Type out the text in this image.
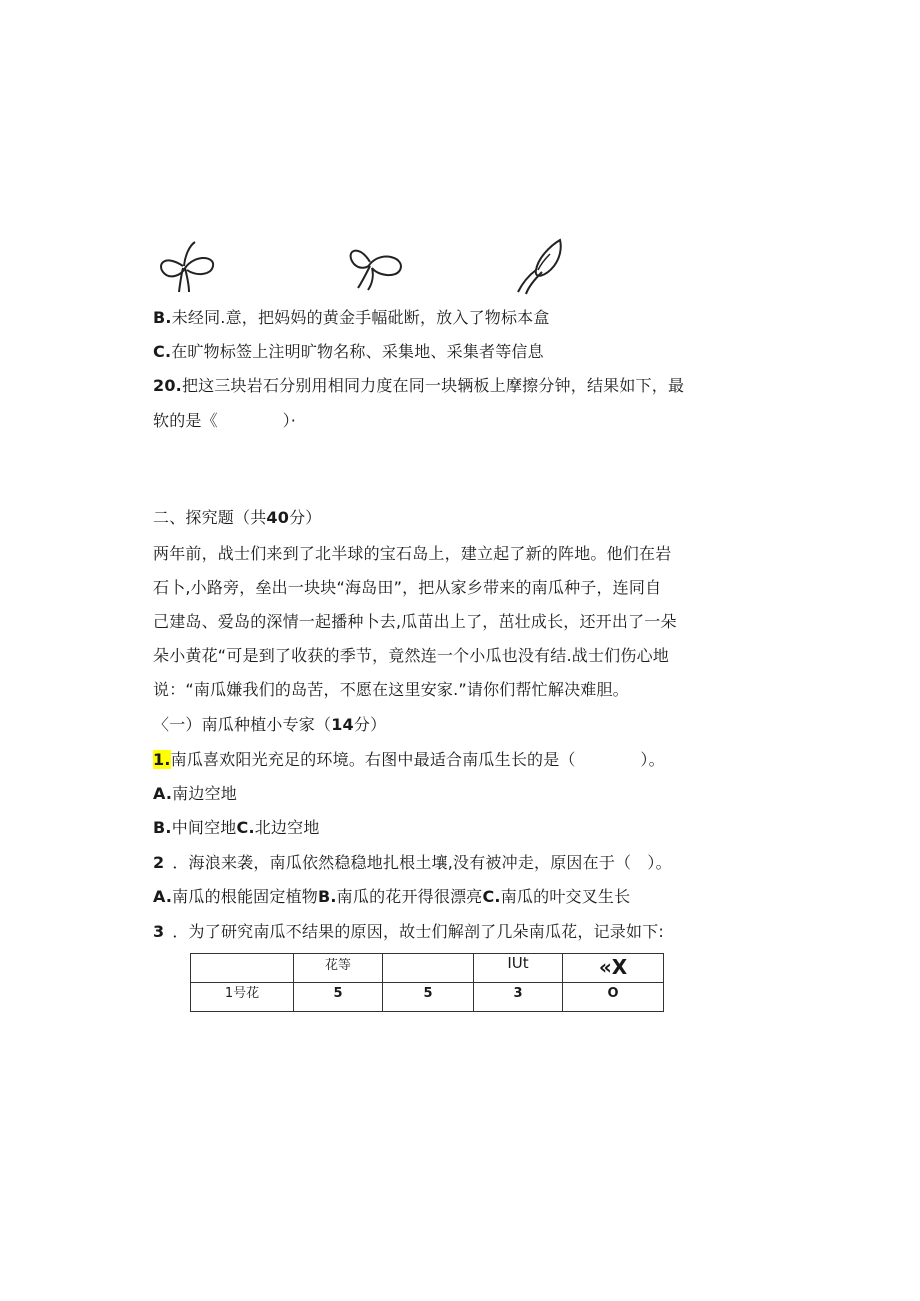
B.未经同.意，把妈妈的黄金手幅砒断，放入了物标本盒
C.在旷物标签上注明旷物名称、采集地、采集者等信息
20.把这三块岩石分别用相同力度在同一块辆板上摩擦分钟，结果如下，最
软的是《　　　　）·
二、探究题（共40分）
两年前，战士们来到了北半球的宝石岛上，建立起了新的阵地。他们在岩
石卜,小路旁，垒出一块块“海岛田”，把从家乡带来的南瓜种子，连同自
己建岛、爱岛的深情一起播种卜去,瓜苗出上了，茁壮成长，还开出了一朵
朵小黄花“可是到了收获的季节，竟然连一个小瓜也没有结.战士们伤心地
说：“南瓜嫌我们的岛苦，不愿在这里安家.”请你们帮忙解决难胆。
〈一）南瓜种植小专家（14分）
1.南瓜喜欢阳光充足的环境。右图中最适合南瓜生长的是（　　　　）。
A.南边空地
B.中间空地C.北边空地
2 ．海浪来袭，南瓜依然稳稳地扎根土壤,没有被冲走，原因在于（　）。
A.南瓜的根能固定植物B.南瓜的花开得很漂亮C.南瓜的叶交叉生长
3 ．为了研究南瓜不结果的原因，故士们解剖了几朵南瓜花，记录如下:
	花等		IUt	«X
1号花	5	5	3	O
